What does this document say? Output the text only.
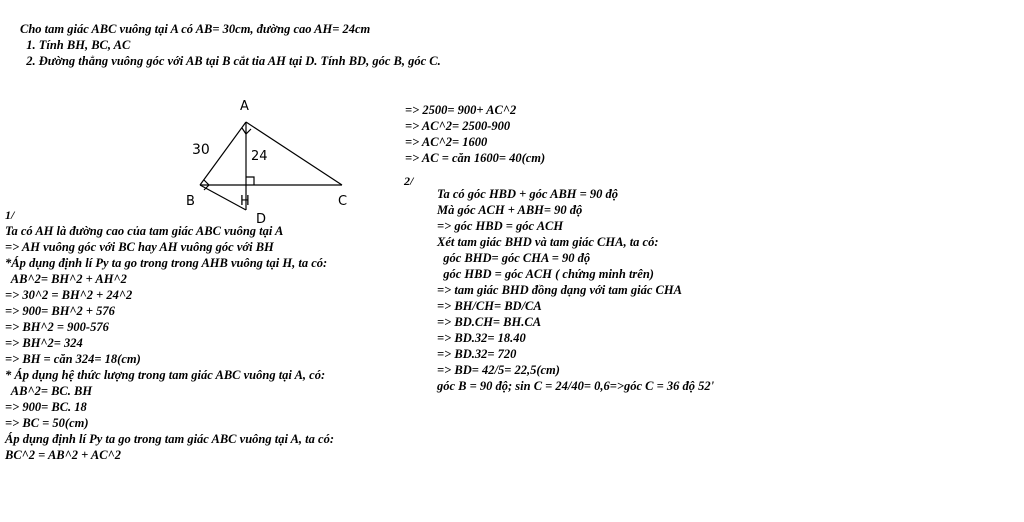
Cho tam giác ABC vuông tại A có AB= 30cm, đường cao AH= 24cm
1. Tính BH, BC, AC
2. Đường thẳng vuông góc với AB tại B cắt tia AH tại D. Tính BD, góc B, góc C.
A
B	C
H
D
24
30
1/
Ta có AH là đường cao của tam giác ABC vuông tại A
=> AH vuông góc với BC hay AH vuông góc với BH
*Áp dụng định lí Py ta go trong trong AHB vuông tại H, ta có:
AB^2= BH^2 + AH^2
=> 30^2 = BH^2 + 24^2
=> 900= BH^2 + 576
=> BH^2 = 900-576
=> BH^2= 324
=> BH = căn 324= 18(cm)
* Áp dụng hệ thức lượng trong tam giác ABC vuông tại A, có:
AB^2= BC. BH
=> 900= BC. 18
=> BC = 50(cm)
Áp dụng định lí Py ta go trong tam giác ABC vuông tại A, ta có:
BC^2 = AB^2 + AC^2
=> 2500= 900+ AC^2
=> AC^2= 2500-900
=> AC^2= 1600
=> AC = căn 1600= 40(cm)
2/
Ta có góc HBD + góc ABH = 90 độ
Mà góc ACH + ABH= 90 độ
=> góc HBD = góc ACH
Xét tam giác BHD và tam giác CHA, ta có:
góc BHD= góc CHA = 90 độ
góc HBD = góc ACH ( chứng minh trên)
=> tam giác BHD đồng dạng với tam giác CHA
=> BH/CH= BD/CA
=> BD.CH= BH.CA
=> BD.32= 18.40
=> BD.32= 720
=> BD= 42/5= 22,5(cm)
góc B = 90 độ; sin C = 24/40= 0,6=>góc C = 36 độ 52'
